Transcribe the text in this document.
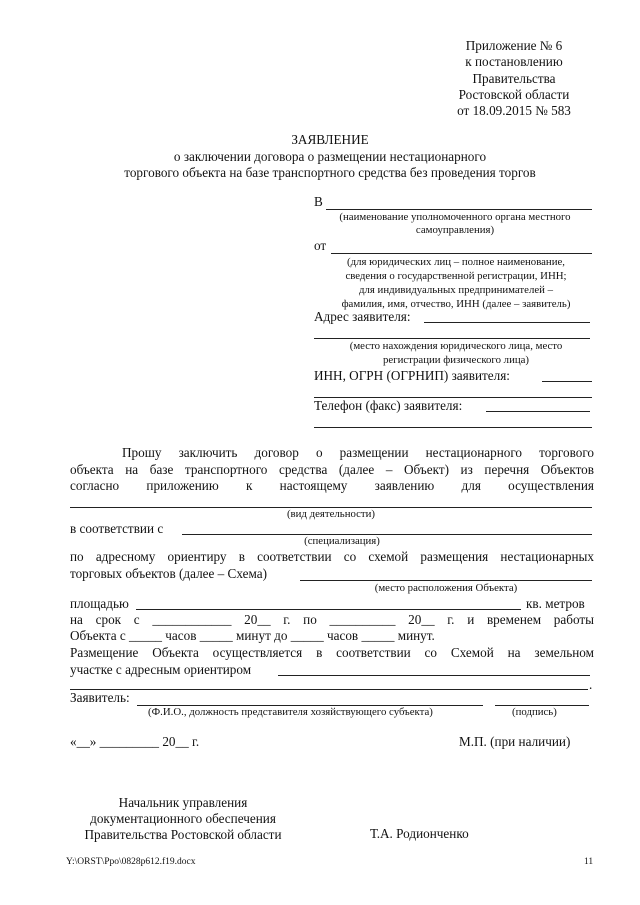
Приложение № 6
к постановлению
Правительства
Ростовской области
от 18.09.2015 № 583
ЗАЯВЛЕНИЕ
о заключении договора о размещении нестационарного
торгового объекта на базе транспортного средства без проведения торгов
В
(наименование уполномоченного органа местного
самоуправления)
от
(для юридических лиц – полное наименование,
сведения о государственной регистрации, ИНН;
для индивидуальных предпринимателей –
фамилия, имя, отчество, ИНН (далее – заявитель)
Адрес заявителя:
(место нахождения юридического лица, место
регистрации физического лица)
ИНН, ОГРН (ОГРНИП) заявителя:
Телефон (факс) заявителя:
Прошу заключить договор о размещении нестационарного торгового
объекта на базе транспортного средства (далее – Объект) из перечня Объектов
согласно приложению к настоящему заявлению для осуществления
(вид деятельности)
в соответствии с
(специализация)
по адресному ориентиру в соответствии со схемой размещения нестационарных
торговых объектов (далее – Схема)
(место расположения Объекта)
площадью	кв. метров
на срок с ____________ 20__ г. по __________ 20__ г. и временем работы
Объекта с _____ часов _____ минут до _____ часов _____ минут.
Размещение Объекта осуществляется в соответствии со Схемой на земельном
участке с адресным ориентиром
.
Заявитель:
(Ф.И.О., должность представителя хозяйствующего субъекта)	(подпись)
«__» _________ 20__ г.	М.П. (при наличии)
Начальник управления
документационного обеспечения
Правительства Ростовской области	Т.А. Родионченко
Y:\ORST\Ppo\0828p612.f19.docx	11
